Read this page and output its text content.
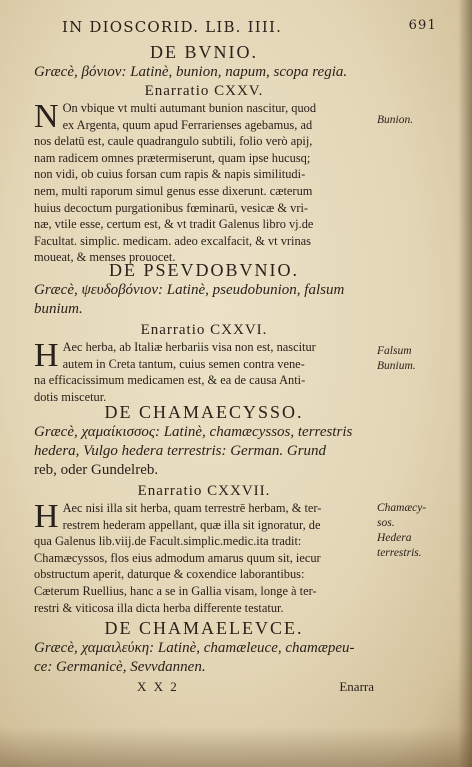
IN DIOSCORID. LIB. IIII.	691
DE BVNIO.
Græcè, βόνιον: Latinè, bunion, napum, scopa regia.
Enarratio CXXV.
N On vbique vt multi autumant bunion nascitur, quod
ex Argenta, quum apud Ferrarienses agebamus, ad
nos delatū est, caule quadrangulo subtili, folio verò apij,
nam radicem omnes prætermiserunt, quam ipse hucusq;
non vidi, ob cuius forsan cum rapis & napis similitudi-
nem, multi raporum simul genus esse dixerunt. cæterum
huius decoctum purgationibus fœminarū, vesicæ & vri-
næ, vtile esse, certum est, & vt tradit Galenus libro vj.de
Facultat. simplic. medicam. adeo excalfacit, & vt vrinas
moueat, & menses prouocet.
Bunion.
DE PSEVDOBVNIO.
Græcè, ψευδοβόνιον: Latinè, pseudobunion, falsum
bunium.
Enarratio CXXVI.
H Aec herba, ab Italiæ herbariis visa non est, nascitur
autem in Creta tantum, cuius semen contra vene-
na efficacissimum medicamen est, & ea de causa Anti-
dotis miscetur.
Falsum
Bunium.
DE CHAMAECYSSO.
Græcè, χαμαίκισσος: Latinè, chamæcyssos, terrestris
hedera, Vulgo hedera terrestris: German. Grund
reb, oder Gundelreb.
Enarratio CXXVII.
H Aec nisi illa sit herba, quam terrestrē herbam, & ter-
restrem hederam appellant, quæ illa sit ignoratur, de
qua Galenus lib.viij.de Facult.simplic.medic.ita tradit:
Chamæcyssos, flos eius admodum amarus quum sit, iecur
obstructum aperit, daturque & coxendice laborantibus:
Cæterum Ruellius, hanc a se in Gallia visam, longe à ter-
restri & viticosa illa dicta herba differente testatur.
Chamæcy-
sos.
Hedera
terrestris.
DE CHAMAELEVCE.
Græcè, χαμαιλεύκη: Latinè, chamæleuce, chamæpeu-
ce: Germanicè, Sevvdannen.
X X 2	Enarra
